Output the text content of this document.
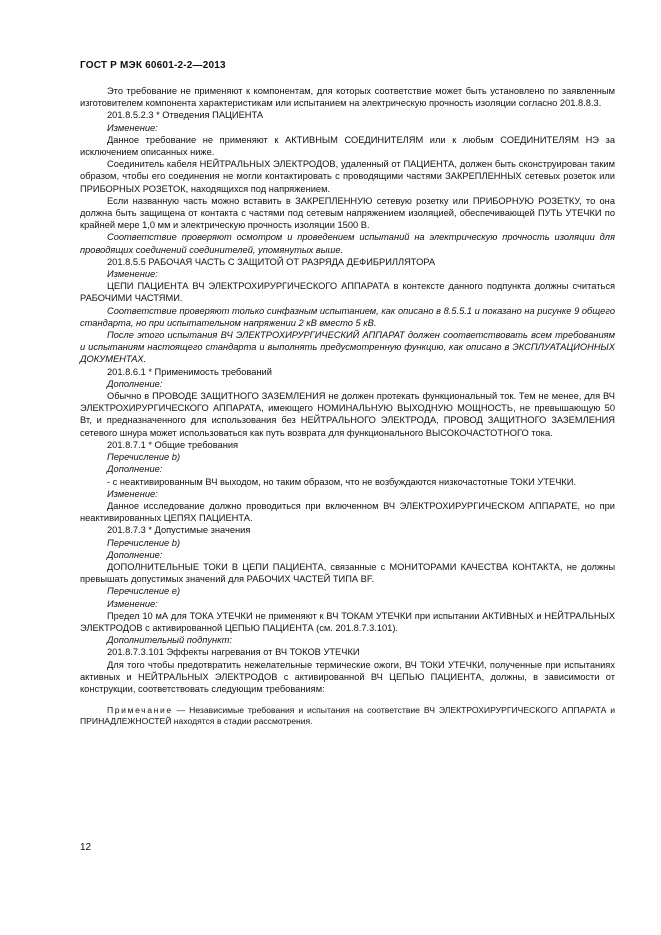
ГОСТ Р МЭК 60601-2-2—2013

Это требование не применяют к компонентам, для которых соответствие может быть установлено по заявленным изготовителем компонента характеристикам или испытанием на электрическую прочность изоляции согласно 201.8.8.3.

201.8.5.2.3 * Отведения ПАЦИЕНТА

Изменение:

Данное требование не применяют к АКТИВНЫМ СОЕДИНИТЕЛЯМ или к любым СОЕДИНИТЕЛЯМ НЭ за исключением описанных ниже.

Соединитель кабеля НЕЙТРАЛЬНЫХ ЭЛЕКТРОДОВ, удаленный от ПАЦИЕНТА, должен быть сконструирован таким образом, чтобы его соединения не могли контактировать с проводящими частями ЗАКРЕПЛЕННЫХ сетевых розеток или ПРИБОРНЫХ РОЗЕТОК, находящихся под напряжением.

Если названную часть можно вставить в ЗАКРЕПЛЕННУЮ сетевую розетку или ПРИБОРНУЮ РОЗЕТКУ, то она должна быть защищена от контакта с частями под сетевым напряжением изоляцией, обеспечивающей ПУТЬ УТЕЧКИ по крайней мере 1,0 мм и электрическую прочность изоляции 1500 В.

Соответствие проверяют осмотром и проведением испытаний на электрическую прочность изоляции для проводящих соединений соединителей, упомянутых выше.

201.8.5.5 РАБОЧАЯ ЧАСТЬ С ЗАЩИТОЙ ОТ РАЗРЯДА ДЕФИБРИЛЛЯТОРА

Изменение:

ЦЕПИ ПАЦИЕНТА ВЧ ЭЛЕКТРОХИРУРГИЧЕСКОГО АППАРАТА в контексте данного подпункта должны считаться РАБОЧИМИ ЧАСТЯМИ.

Соответствие проверяют только синфазным испытанием, как описано в 8.5.5.1 и показано на рисунке 9 общего стандарта, но при испытательном напряжении 2 кВ вместо 5 кВ.

После этого испытания ВЧ ЭЛЕКТРОХИРУРГИЧЕСКИЙ АППАРАТ должен соответствовать всем требованиям и испытаниям настоящего стандарта и выполнять предусмотренную функцию, как описано в ЭКСПЛУАТАЦИОННЫХ ДОКУМЕНТАХ.

201.8.6.1 * Применимость требований

Дополнение:

Обычно в ПРОВОДЕ ЗАЩИТНОГО ЗАЗЕМЛЕНИЯ не должен протекать функциональный ток. Тем не менее, для ВЧ ЭЛЕКТРОХИРУРГИЧЕСКОГО АППАРАТА, имеющего НОМИНАЛЬНУЮ ВЫХОДНУЮ МОЩНОСТЬ, не превышающую 50 Вт, и предназначенного для использования без НЕЙТРАЛЬНОГО ЭЛЕКТРОДА, ПРОВОД ЗАЩИТНОГО ЗАЗЕМЛЕНИЯ сетевого шнура может использоваться как путь возврата для функционального ВЫСОКОЧАСТОТНОГО тока.

201.8.7.1 * Общие требования

Перечисление b)

Дополнение:

- с неактивированным ВЧ выходом, но таким образом, что не возбуждаются низкочастотные ТОКИ УТЕЧКИ.

Изменение:

Данное исследование должно проводиться при включенном ВЧ ЭЛЕКТРОХИРУРГИЧЕСКОМ АППАРАТЕ, но при неактивированных ЦЕПЯХ ПАЦИЕНТА.

201.8.7.3 * Допустимые значения

Перечисление b)

Дополнение:

ДОПОЛНИТЕЛЬНЫЕ ТОКИ В ЦЕПИ ПАЦИЕНТА, связанные с МОНИТОРАМИ КАЧЕСТВА КОНТАКТА, не должны превышать допустимых значений для РАБОЧИХ ЧАСТЕЙ ТИПА BF.

Перечисление е)

Изменение:

Предел 10 мА для ТОКА УТЕЧКИ не применяют к ВЧ ТОКАМ УТЕЧКИ при испытании АКТИВНЫХ и НЕЙТРАЛЬНЫХ ЭЛЕКТРОДОВ с активированной ЦЕПЬЮ ПАЦИЕНТА (см. 201.8.7.3.101).

Дополнительный подпункт:

201.8.7.3.101 Эффекты нагревания от ВЧ ТОКОВ УТЕЧКИ

Для того чтобы предотвратить нежелательные термические ожоги, ВЧ ТОКИ УТЕЧКИ, полученные при испытаниях активных и НЕЙТРАЛЬНЫХ ЭЛЕКТРОДОВ с активированной ВЧ ЦЕПЬЮ ПАЦИЕНТА, должны, в зависимости от конструкции, соответствовать следующим требованиям:

Примечание — Независимые требования и испытания на соответствие ВЧ ЭЛЕКТРОХИРУРГИЧЕСКОГО АППАРАТА и ПРИНАДЛЕЖНОСТЕЙ находятся в стадии рассмотрения.

12
